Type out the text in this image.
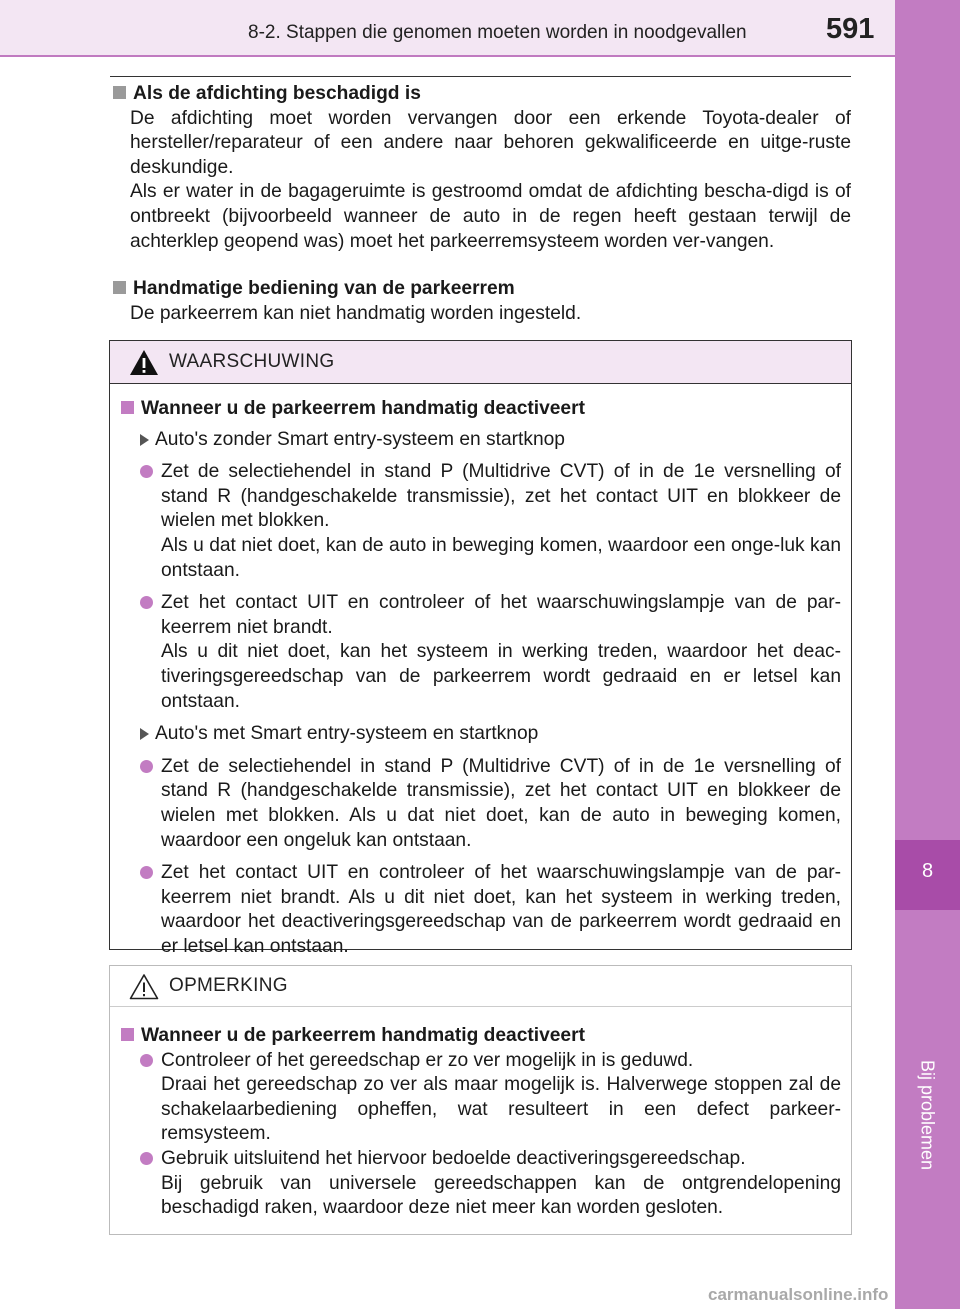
8-2. Stappen die genomen moeten worden in noodgevallen	591
8
Als de afdichting beschadigd is
De afdichting moet worden vervangen door een erkende Toyota-dealer of hersteller/reparateur of een andere naar behoren gekwalificeerde en uitge-ruste deskundige.
Als er water in de bagageruimte is gestroomd omdat de afdichting bescha-digd is of ontbreekt (bijvoorbeeld wanneer de auto in de regen heeft gestaan terwijl de achterklep geopend was) moet het parkeerremsysteem worden ver-vangen.
Handmatige bediening van de parkeerrem
De parkeerrem kan niet handmatig worden ingesteld.
WAARSCHUWING
Wanneer u de parkeerrem handmatig deactiveert
Auto's zonder Smart entry-systeem en startknop
Zet de selectiehendel in stand P (Multidrive CVT) of in de 1e versnelling of stand R (handgeschakelde transmissie), zet het contact UIT en blokkeer de wielen met blokken.
Als u dat niet doet, kan de auto in beweging komen, waardoor een onge-luk kan ontstaan.
Zet het contact UIT en controleer of het waarschuwingslampje van de par-keerrem niet brandt.
Als u dit niet doet, kan het systeem in werking treden, waardoor het deac-tiveringsgereedschap van de parkeerrem wordt gedraaid en er letsel kan ontstaan.
Auto's met Smart entry-systeem en startknop
Zet de selectiehendel in stand P (Multidrive CVT) of in de 1e versnelling of stand R (handgeschakelde transmissie), zet het contact UIT en blokkeer de wielen met blokken. Als u dat niet doet, kan de auto in beweging komen, waardoor een ongeluk kan ontstaan.
Zet het contact UIT en controleer of het waarschuwingslampje van de par-keerrem niet brandt. Als u dit niet doet, kan het systeem in werking treden, waardoor het deactiveringsgereedschap van de parkeerrem wordt gedraaid en er letsel kan ontstaan.
OPMERKING
Wanneer u de parkeerrem handmatig deactiveert
Controleer of het gereedschap er zo ver mogelijk in is geduwd.
Draai het gereedschap zo ver als maar mogelijk is. Halverwege stoppen zal de schakelaarbediening opheffen, wat resulteert in een defect parkeer-remsysteem.
Gebruik uitsluitend het hiervoor bedoelde deactiveringsgereedschap.
Bij gebruik van universele gereedschappen kan de ontgrendelopening beschadigd raken, waardoor deze niet meer kan worden gesloten.
carmanualsonline.info
